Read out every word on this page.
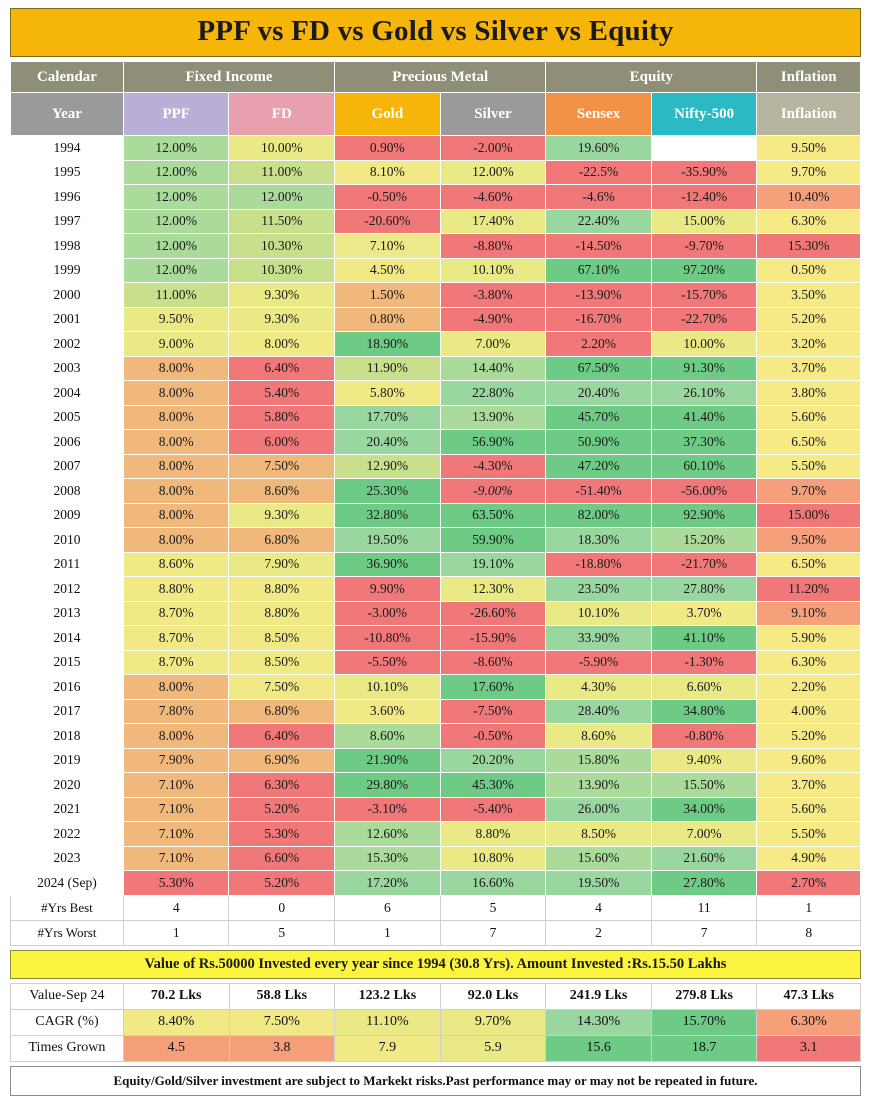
PPF vs FD vs Gold vs Silver vs Equity
Calendar	Fixed Income		Precious Metal		Equity		Inflation
Year	PPF	FD	Gold	Silver	Sensex	Nifty-500	Inflation
1994	12.00%	10.00%	0.90%	-2.00%	19.60%		9.50%
1995	12.00%	11.00%	8.10%	12.00%	-22.5%	-35.90%	9.70%
1996	12.00%	12.00%	-0.50%	-4.60%	-4.6%	-12.40%	10.40%
1997	12.00%	11.50%	-20.60%	17.40%	22.40%	15.00%	6.30%
1998	12.00%	10.30%	7.10%	-8.80%	-14.50%	-9.70%	15.30%
1999	12.00%	10.30%	4.50%	10.10%	67.10%	97.20%	0.50%
2000	11.00%	9.30%	1.50%	-3.80%	-13.90%	-15.70%	3.50%
2001	9.50%	9.30%	0.80%	-4.90%	-16.70%	-22.70%	5.20%
2002	9.00%	8.00%	18.90%	7.00%	2.20%	10.00%	3.20%
2003	8.00%	6.40%	11.90%	14.40%	67.50%	91.30%	3.70%
2004	8.00%	5.40%	5.80%	22.80%	20.40%	26.10%	3.80%
2005	8.00%	5.80%	17.70%	13.90%	45.70%	41.40%	5.60%
2006	8.00%	6.00%	20.40%	56.90%	50.90%	37.30%	6.50%
2007	8.00%	7.50%	12.90%	-4.30%	47.20%	60.10%	5.50%
2008	8.00%	8.60%	25.30%	-9.00%	-51.40%	-56.00%	9.70%
2009	8.00%	9.30%	32.80%	63.50%	82.00%	92.90%	15.00%
2010	8.00%	6.80%	19.50%	59.90%	18.30%	15.20%	9.50%
2011	8.60%	7.90%	36.90%	19.10%	-18.80%	-21.70%	6.50%
2012	8.80%	8.80%	9.90%	12.30%	23.50%	27.80%	11.20%
2013	8.70%	8.80%	-3.00%	-26.60%	10.10%	3.70%	9.10%
2014	8.70%	8.50%	-10.80%	-15.90%	33.90%	41.10%	5.90%
2015	8.70%	8.50%	-5.50%	-8.60%	-5.90%	-1.30%	6.30%
2016	8.00%	7.50%	10.10%	17.60%	4.30%	6.60%	2.20%
2017	7.80%	6.80%	3.60%	-7.50%	28.40%	34.80%	4.00%
2018	8.00%	6.40%	8.60%	-0.50%	8.60%	-0.80%	5.20%
2019	7.90%	6.90%	21.90%	20.20%	15.80%	9.40%	9.60%
2020	7.10%	6.30%	29.80%	45.30%	13.90%	15.50%	3.70%
2021	7.10%	5.20%	-3.10%	-5.40%	26.00%	34.00%	5.60%
2022	7.10%	5.30%	12.60%	8.80%	8.50%	7.00%	5.50%
2023	7.10%	6.60%	15.30%	10.80%	15.60%	21.60%	4.90%
2024 (Sep)	5.30%	5.20%	17.20%	16.60%	19.50%	27.80%	2.70%
#Yrs Best	4	0	6	5	4	11	1
#Yrs Worst	1	5	1	7	2	7	8
Value of Rs.50000 Invested every year since 1994 (30.8 Yrs). Amount Invested :Rs.15.50 Lakhs
Value-Sep 24	70.2 Lks	58.8 Lks	123.2 Lks	92.0 Lks	241.9 Lks	279.8 Lks	47.3 Lks
CAGR (%)	8.40%	7.50%	11.10%	9.70%	14.30%	15.70%	6.30%
Times Grown	4.5	3.8	7.9	5.9	15.6	18.7	3.1
Equity/Gold/Silver investment are subject to Markekt risks.Past performance may or may not be repeated in future.
